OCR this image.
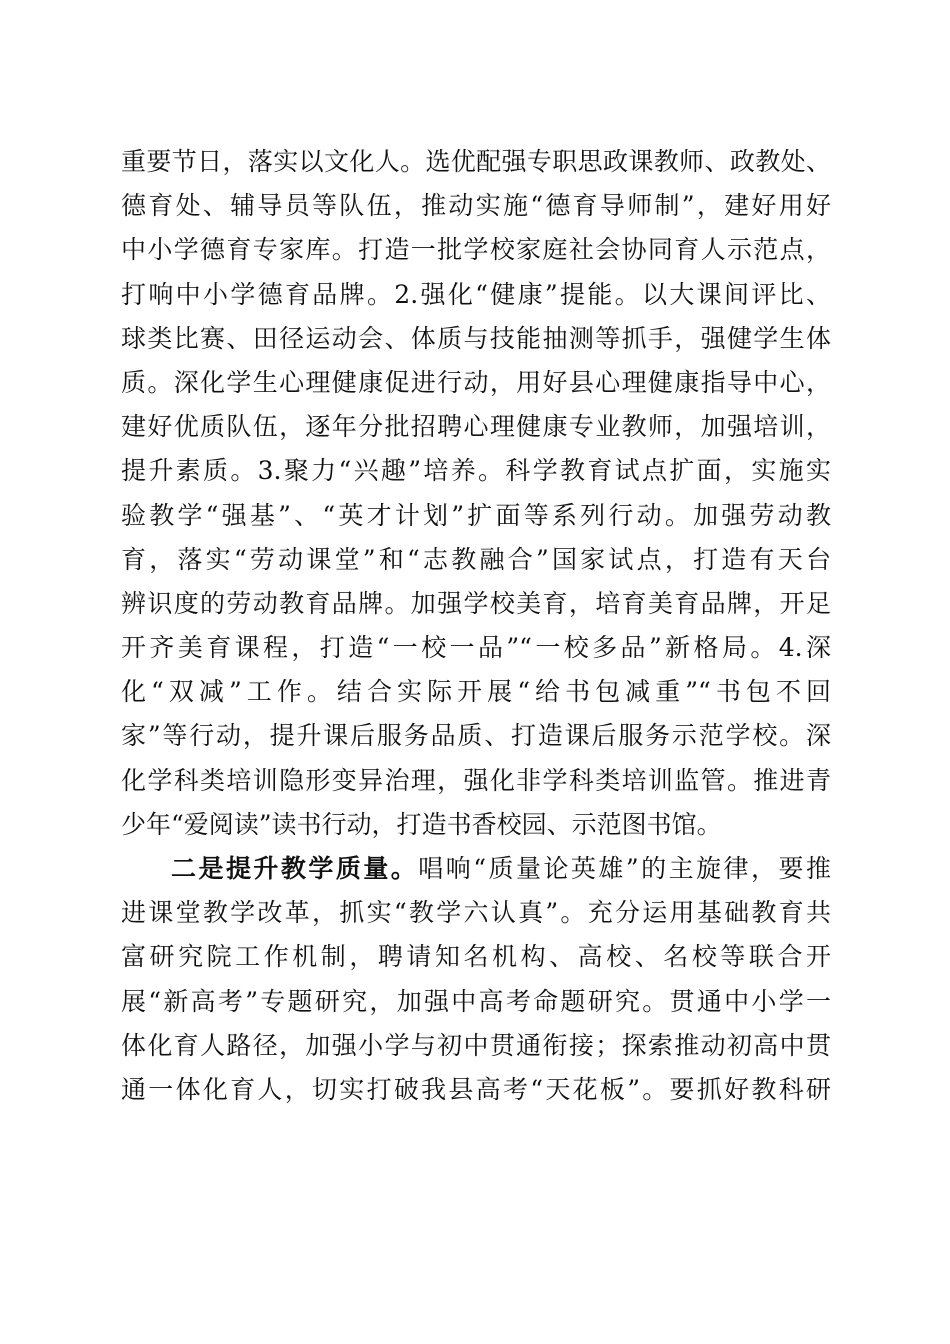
重要节日，落实以文化人。选优配强专职思政课教师、政教处、
德育处、辅导员等队伍，推动实施“德育导师制”，建好用好
中小学德育专家库。打造一批学校家庭社会协同育人示范点，
打响中小学德育品牌。2.强化“健康”提能。以大课间评比、
球类比赛、田径运动会、体质与技能抽测等抓手，强健学生体
质。深化学生心理健康促进行动，用好县心理健康指导中心，
建好优质队伍，逐年分批招聘心理健康专业教师，加强培训，
提升素质。3.聚力“兴趣”培养。科学教育试点扩面，实施实
验教学“强基”、“英才计划”扩面等系列行动。加强劳动教
育，落实“劳动课堂”和“志教融合”国家试点，打造有天台
辨识度的劳动教育品牌。加强学校美育，培育美育品牌，开足
开齐美育课程，打造“一校一品”“一校多品”新格局。4.深
化“双减”工作。结合实际开展“给书包减重”“书包不回
家”等行动，提升课后服务品质、打造课后服务示范学校。深
化学科类培训隐形变异治理，强化非学科类培训监管。推进青
少年“爱阅读”读书行动，打造书香校园、示范图书馆。
二是提升教学质量。唱响“质量论英雄”的主旋律，要推
进课堂教学改革，抓实“教学六认真”。充分运用基础教育共
富研究院工作机制，聘请知名机构、高校、名校等联合开
展“新高考”专题研究，加强中高考命题研究。贯通中小学一
体化育人路径，加强小学与初中贯通衔接；探索推动初高中贯
通一体化育人，切实打破我县高考“天花板”。要抓好教科研
